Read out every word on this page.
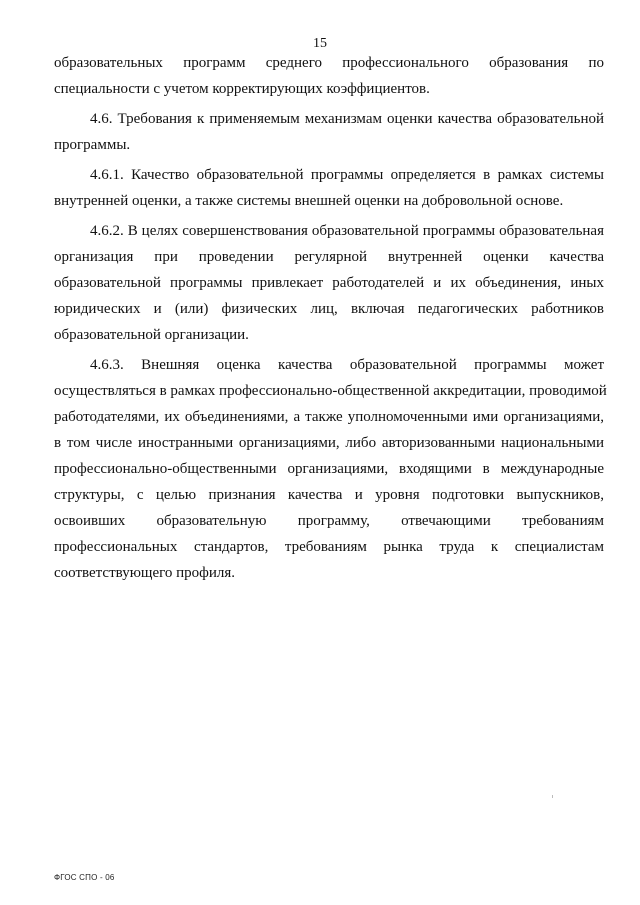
15
образовательных программ среднего профессионального образования по
специальности с учетом корректирующих коэффициентов.
4.6. Требования к применяемым механизмам оценки качества образовательной
программы.
4.6.1. Качество образовательной программы определяется в рамках системы
внутренней оценки, а также системы внешней оценки на добровольной основе.
4.6.2. В целях совершенствования образовательной программы образовательная
организация при проведении регулярной внутренней оценки качества
образовательной программы привлекает работодателей и их объединения, иных
юридических и (или) физических лиц, включая педагогических работников
образовательной организации.
4.6.3. Внешняя оценка качества образовательной программы может
осуществляться в рамках профессионально-общественной аккредитации, проводимой
работодателями, их объединениями, а также уполномоченными ими организациями,
в том числе иностранными организациями, либо авторизованными национальными
профессионально-общественными организациями, входящими в международные
структуры, с целью признания качества и уровня подготовки выпускников,
освоивших образовательную программу, отвечающими требованиям
профессиональных стандартов, требованиям рынка труда к специалистам
соответствующего профиля.
ФГОС СПО - 06
